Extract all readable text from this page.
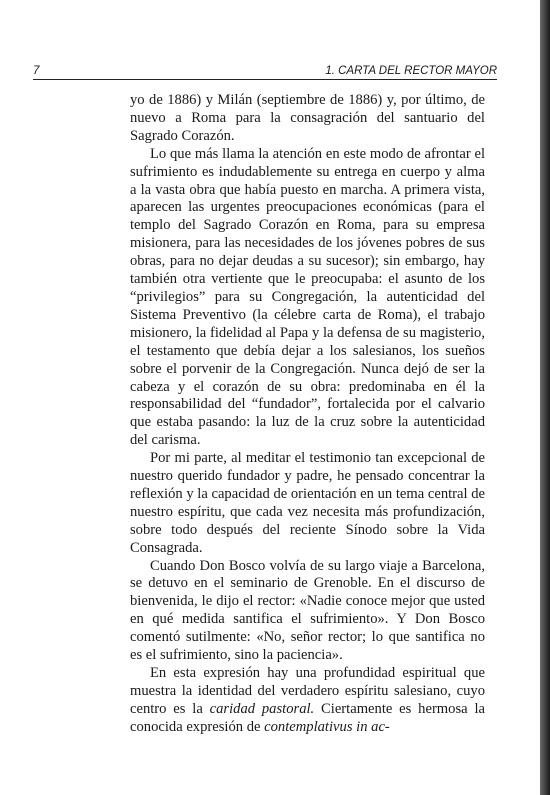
7	1. CARTA DEL RECTOR MAYOR

yo de 1886) y Milán (septiembre de 1886) y, por último, de nuevo a Roma para la consagración del santuario del Sagrado Corazón.

Lo que más llama la atención en este modo de afrontar el sufrimiento es indudablemente su entrega en cuerpo y alma a la vasta obra que había puesto en marcha. A primera vista, aparecen las urgentes preocupaciones económicas (para el templo del Sagrado Corazón en Roma, para su empresa misionera, para las necesidades de los jóvenes pobres de sus obras, para no dejar deudas a su sucesor); sin embargo, hay también otra vertiente que le preocupaba: el asunto de los “privilegios” para su Congregación, la autenticidad del Sistema Preventivo (la célebre carta de Roma), el trabajo misionero, la fidelidad al Papa y la defensa de su magisterio, el testamento que debía dejar a los salesianos, los sueños sobre el porvenir de la Congregación. Nunca dejó de ser la cabeza y el corazón de su obra: predominaba en él la responsabilidad del “fundador”, fortalecida por el calvario que estaba pasando: la luz de la cruz sobre la autenticidad del carisma.

Por mi parte, al meditar el testimonio tan excepcional de nuestro querido fundador y padre, he pensado concentrar la reflexión y la capacidad de orientación en un tema central de nuestro espíritu, que cada vez necesita más profundización, sobre todo después del reciente Sínodo sobre la Vida Consagrada.

Cuando Don Bosco volvía de su largo viaje a Barcelona, se detuvo en el seminario de Grenoble. En el discurso de bienvenida, le dijo el rector: «Nadie conoce mejor que usted en qué medida santifica el sufrimiento». Y Don Bosco comentó sutilmente: «No, señor rector; lo que santifica no es el sufrimiento, sino la paciencia».

En esta expresión hay una profundidad espiritual que muestra la identidad del verdadero espíritu salesiano, cuyo centro es la caridad pastoral. Ciertamente es hermosa la conocida expresión de contemplativus in ac-
